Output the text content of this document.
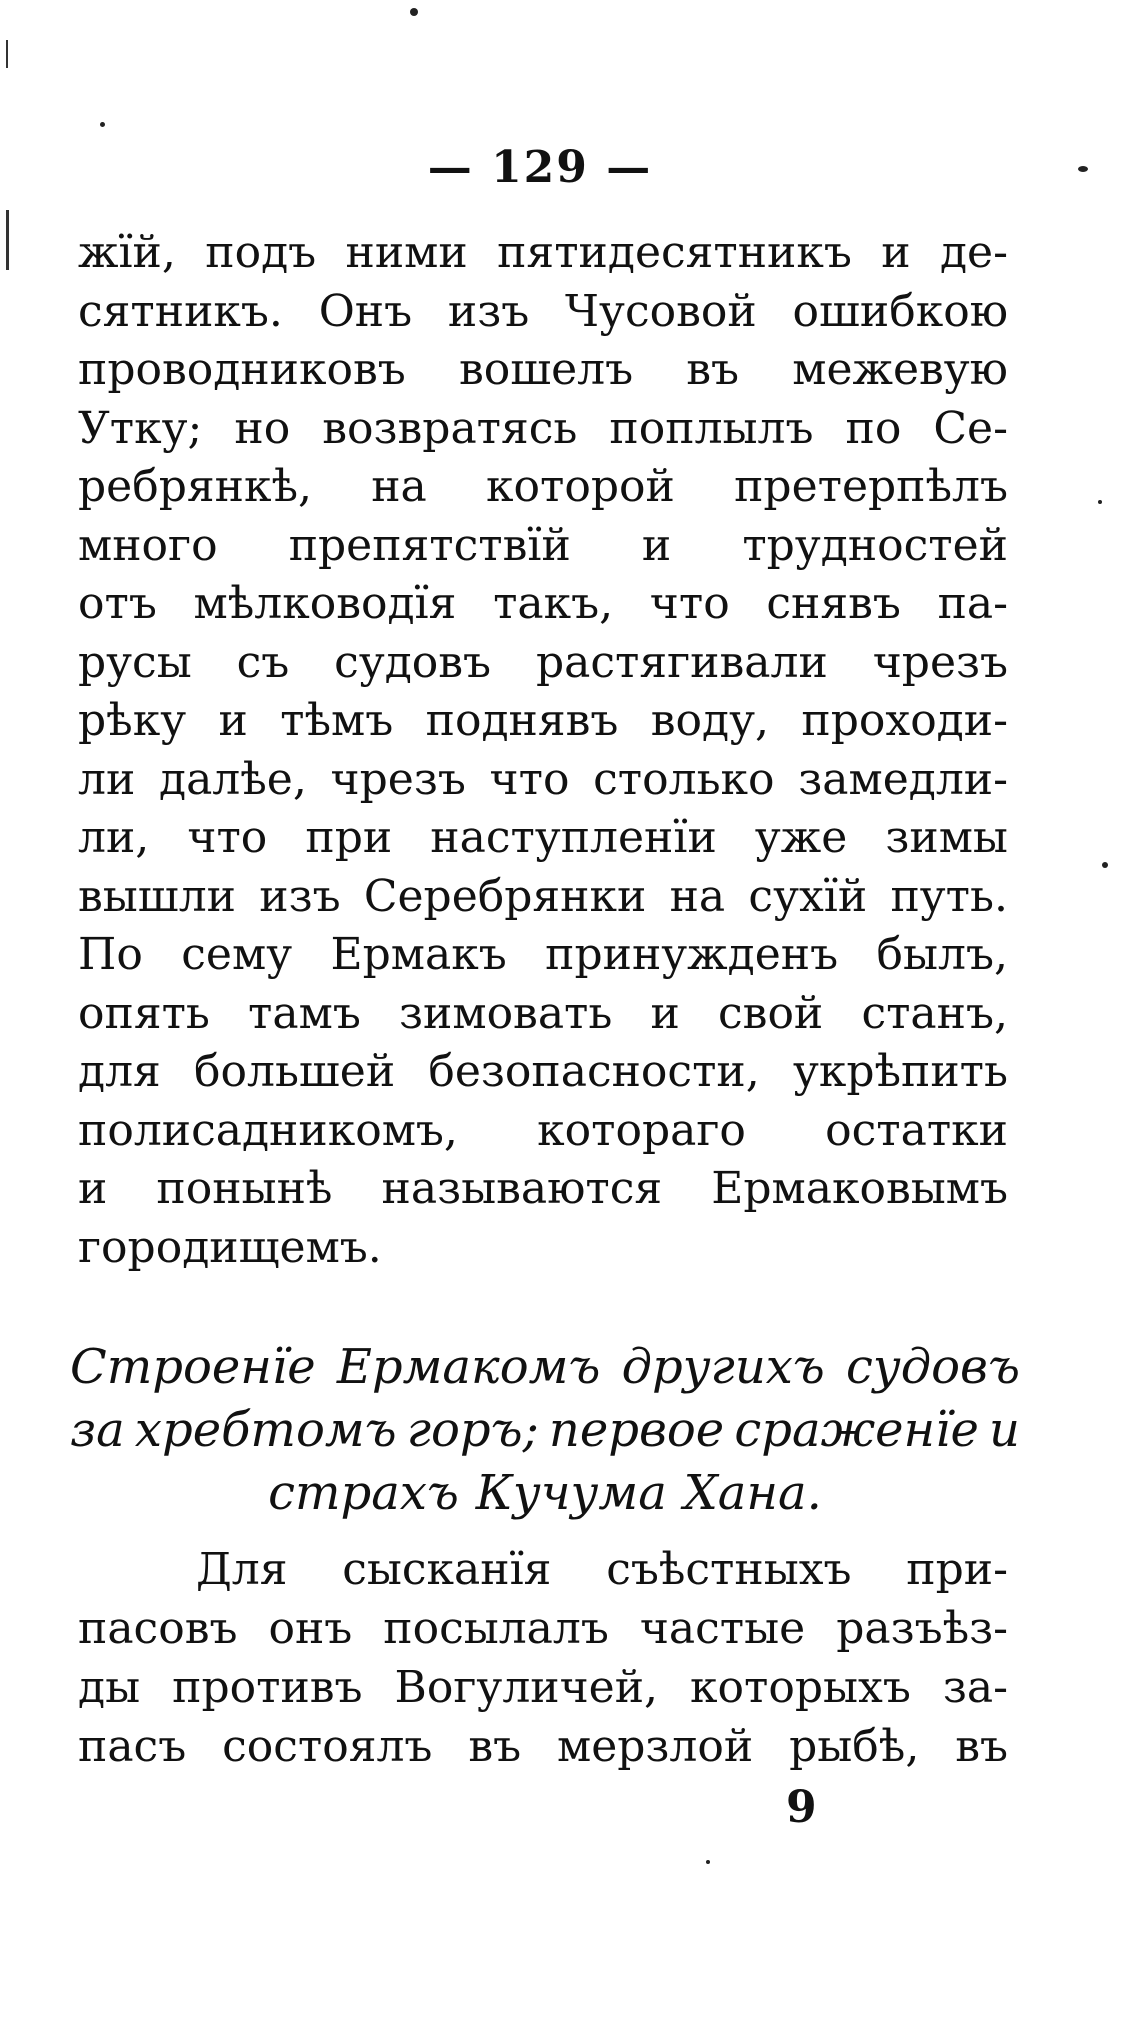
— 129 —
жїй, подъ ними пятидесятникъ и де-
сятникъ. Онъ изъ Чусовой ошибкою
проводниковъ вошелъ въ межевую
Утку; но возвратясь поплылъ по Се-
ребрянкѣ, на которой претерпѣлъ
много препятствїй и трудностей
отъ мѣлководїя такъ, что снявъ па-
русы съ судовъ растягивали чрезъ
рѣку и тѣмъ поднявъ воду, проходи-
ли далѣе, чрезъ что столько замедли-
ли, что при наступленїи уже зимы
вышли изъ Серебрянки на сухїй путь.
По сему Ермакъ принужденъ былъ,
опять тамъ зимовать и свой станъ,
для большей безопасности, укрѣпить
полисадникомъ, котораго остатки
и понынѣ называются Ермаковымъ
городищемъ.
Строенїе Ермакомъ другихъ судовъ
за хребтомъ горъ; первое сраженїе и
страхъ Кучума Хана.
Для сысканїя съѣстныхъ при-
пасовъ онъ посылалъ частые разъѣз-
ды противъ Вогуличей, которыхъ за-
пасъ состоялъ въ мерзлой рыбѣ, въ
9
